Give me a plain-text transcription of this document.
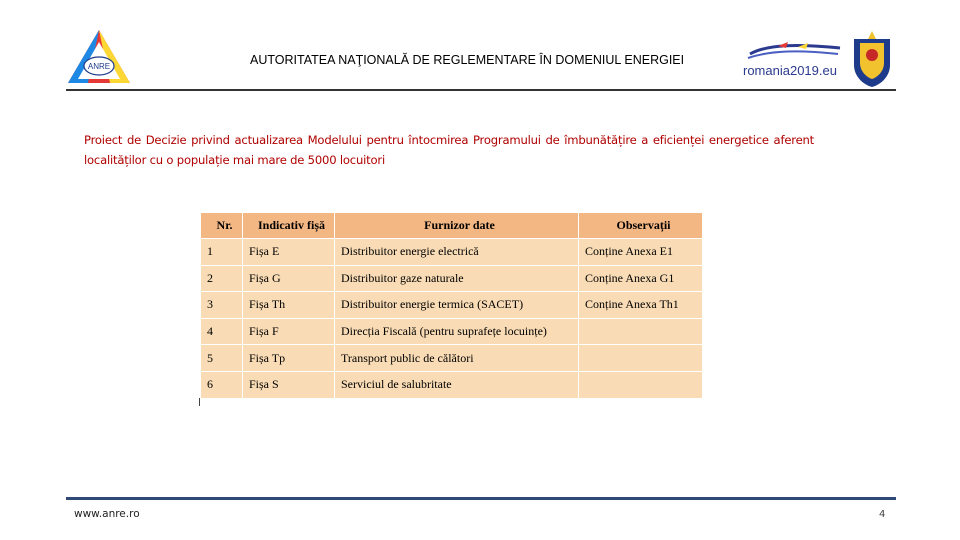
ANRE	AUTORITATEA NAŢIONALĂ DE REGLEMENTARE ÎN DOMENIUL ENERGIEI
romania2019.eu
Proiect de Decizie privind actualizarea Modelului pentru întocmirea Programului de îmbunătățire a eficienței energetice aferent localităților cu o populație mai mare de 5000 locuitori
Nr.	Indicativ fișă	Furnizor date	Observații
1	Fișa E	Distribuitor energie electrică	Conține Anexa E1
2	Fișa G	Distribuitor gaze naturale	Conține Anexa G1
3	Fișa Th	Distribuitor energie termica (SACET)	Conține Anexa Th1
4	Fișa F	Direcția Fiscală (pentru suprafețe locuințe)	
5	Fișa Tp	Transport public de călători	
6	Fișa S	Serviciul de salubritate	
www.anre.ro	4
